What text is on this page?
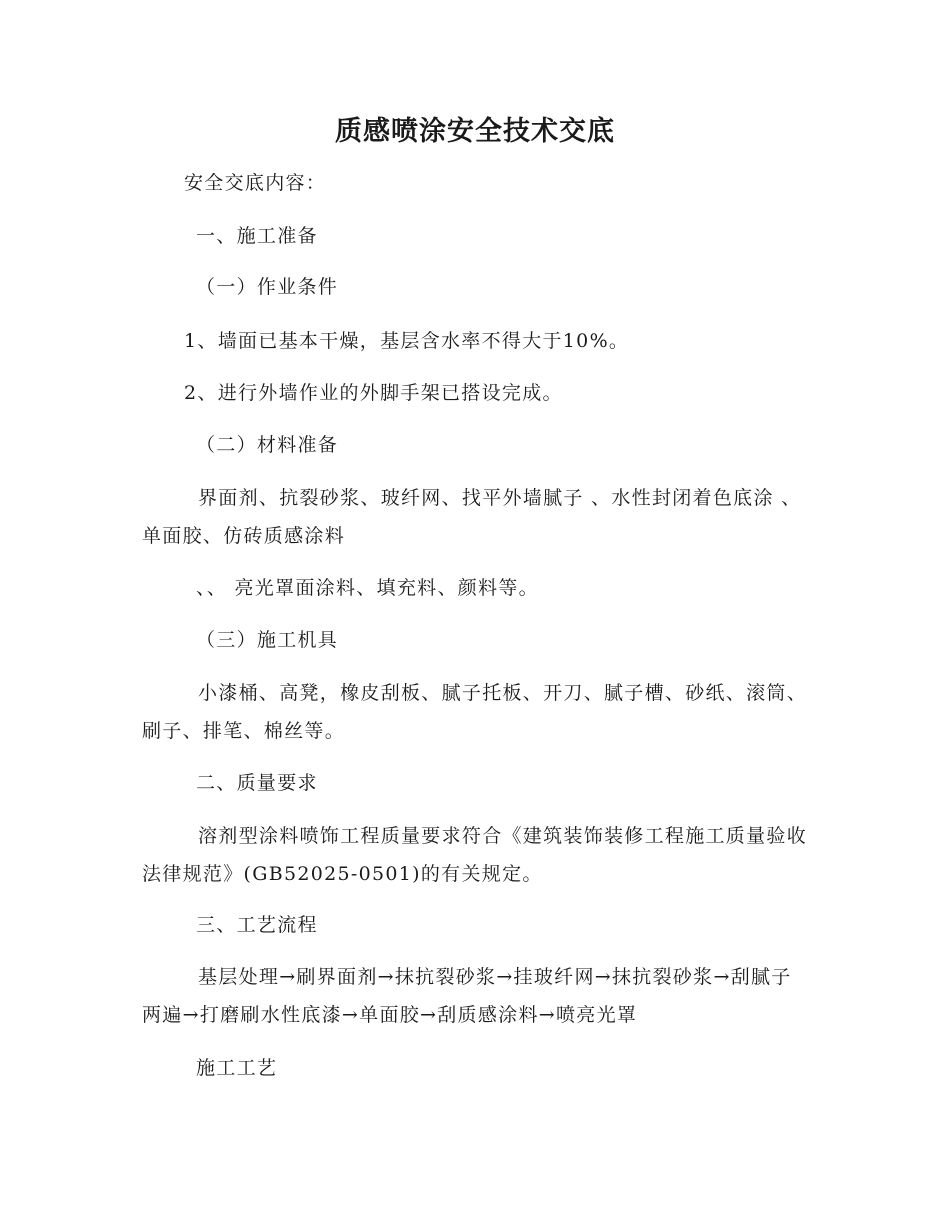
质感喷涂安全技术交底
安全交底内容：
一、施工准备
（一）作业条件
1、墙面已基本干燥，基层含水率不得大于10%。
2、进行外墙作业的外脚手架已搭设完成。
（二）材料准备
界面剂、抗裂砂浆、玻纤网、找平外墙腻子 、水性封闭着色底涂 、单面胶、仿砖质感涂料
、、 亮光罩面涂料、填充料、颜料等。
（三）施工机具
小漆桶、高凳，橡皮刮板、腻子托板、开刀、腻子槽、砂纸、滚筒、刷子、排笔、棉丝等。
二、质量要求
溶剂型涂料喷饰工程质量要求符合《建筑装饰装修工程施工质量验收法律规范》(GB52025-0501)的有关规定。
三、工艺流程
基层处理→刷界面剂→抹抗裂砂浆→挂玻纤网→抹抗裂砂浆→刮腻子两遍→打磨刷水性底漆→单面胶→刮质感涂料→喷亮光罩
施工工艺
